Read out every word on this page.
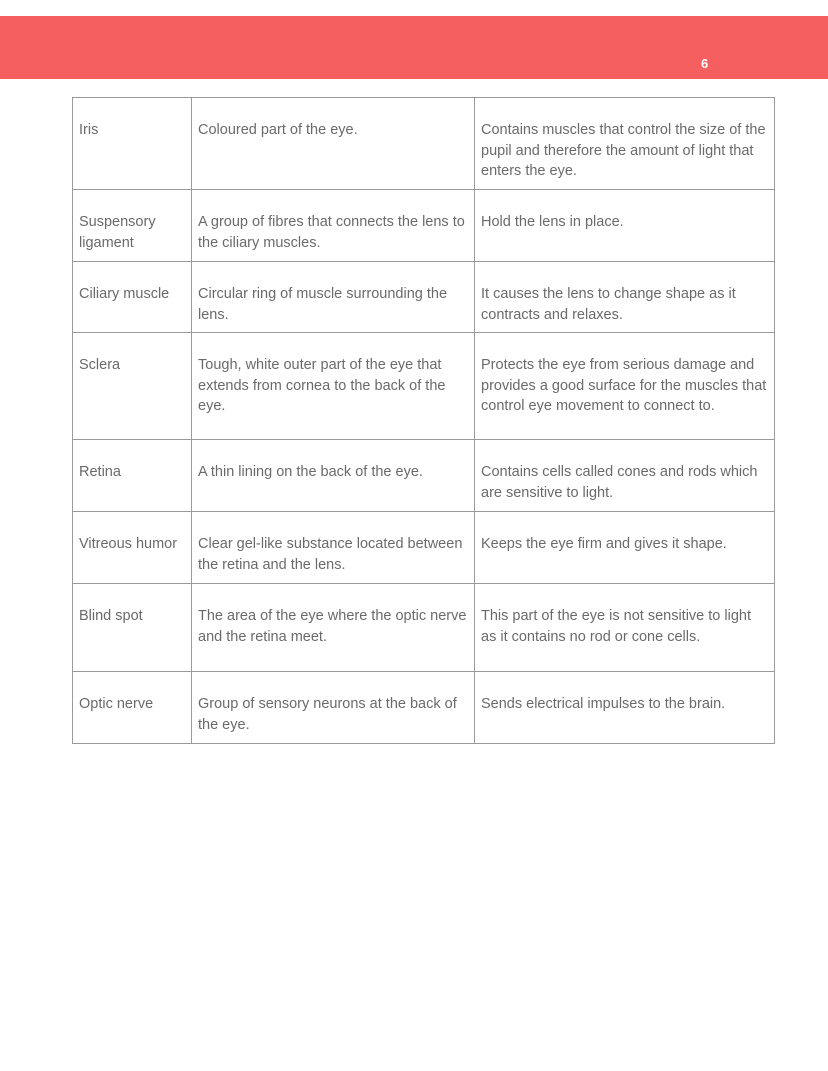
6
Iris	Coloured part of the eye.	Contains muscles that control the size of the pupil and therefore the amount of light that enters the eye.
Suspensory ligament	A group of fibres that connects the lens to the ciliary muscles.	Hold the lens in place.
Ciliary muscle	Circular ring of muscle surrounding the lens.	It causes the lens to change shape as it contracts and relaxes.
Sclera	Tough, white outer part of the eye that extends from cornea to the back of the eye.	Protects the eye from serious damage and provides a good surface for the muscles that control eye movement to connect to.
Retina	A thin lining on the back of the eye.	Contains cells called cones and rods which are sensitive to light.
Vitreous humor	Clear gel-like substance located between the retina and the lens.	Keeps the eye firm and gives it shape.
Blind spot	The area of the eye where the optic nerve and the retina meet.	This part of the eye is not sensitive to light as it contains no rod or cone cells.
Optic nerve	Group of sensory neurons at the back of the eye.	Sends electrical impulses to the brain.
